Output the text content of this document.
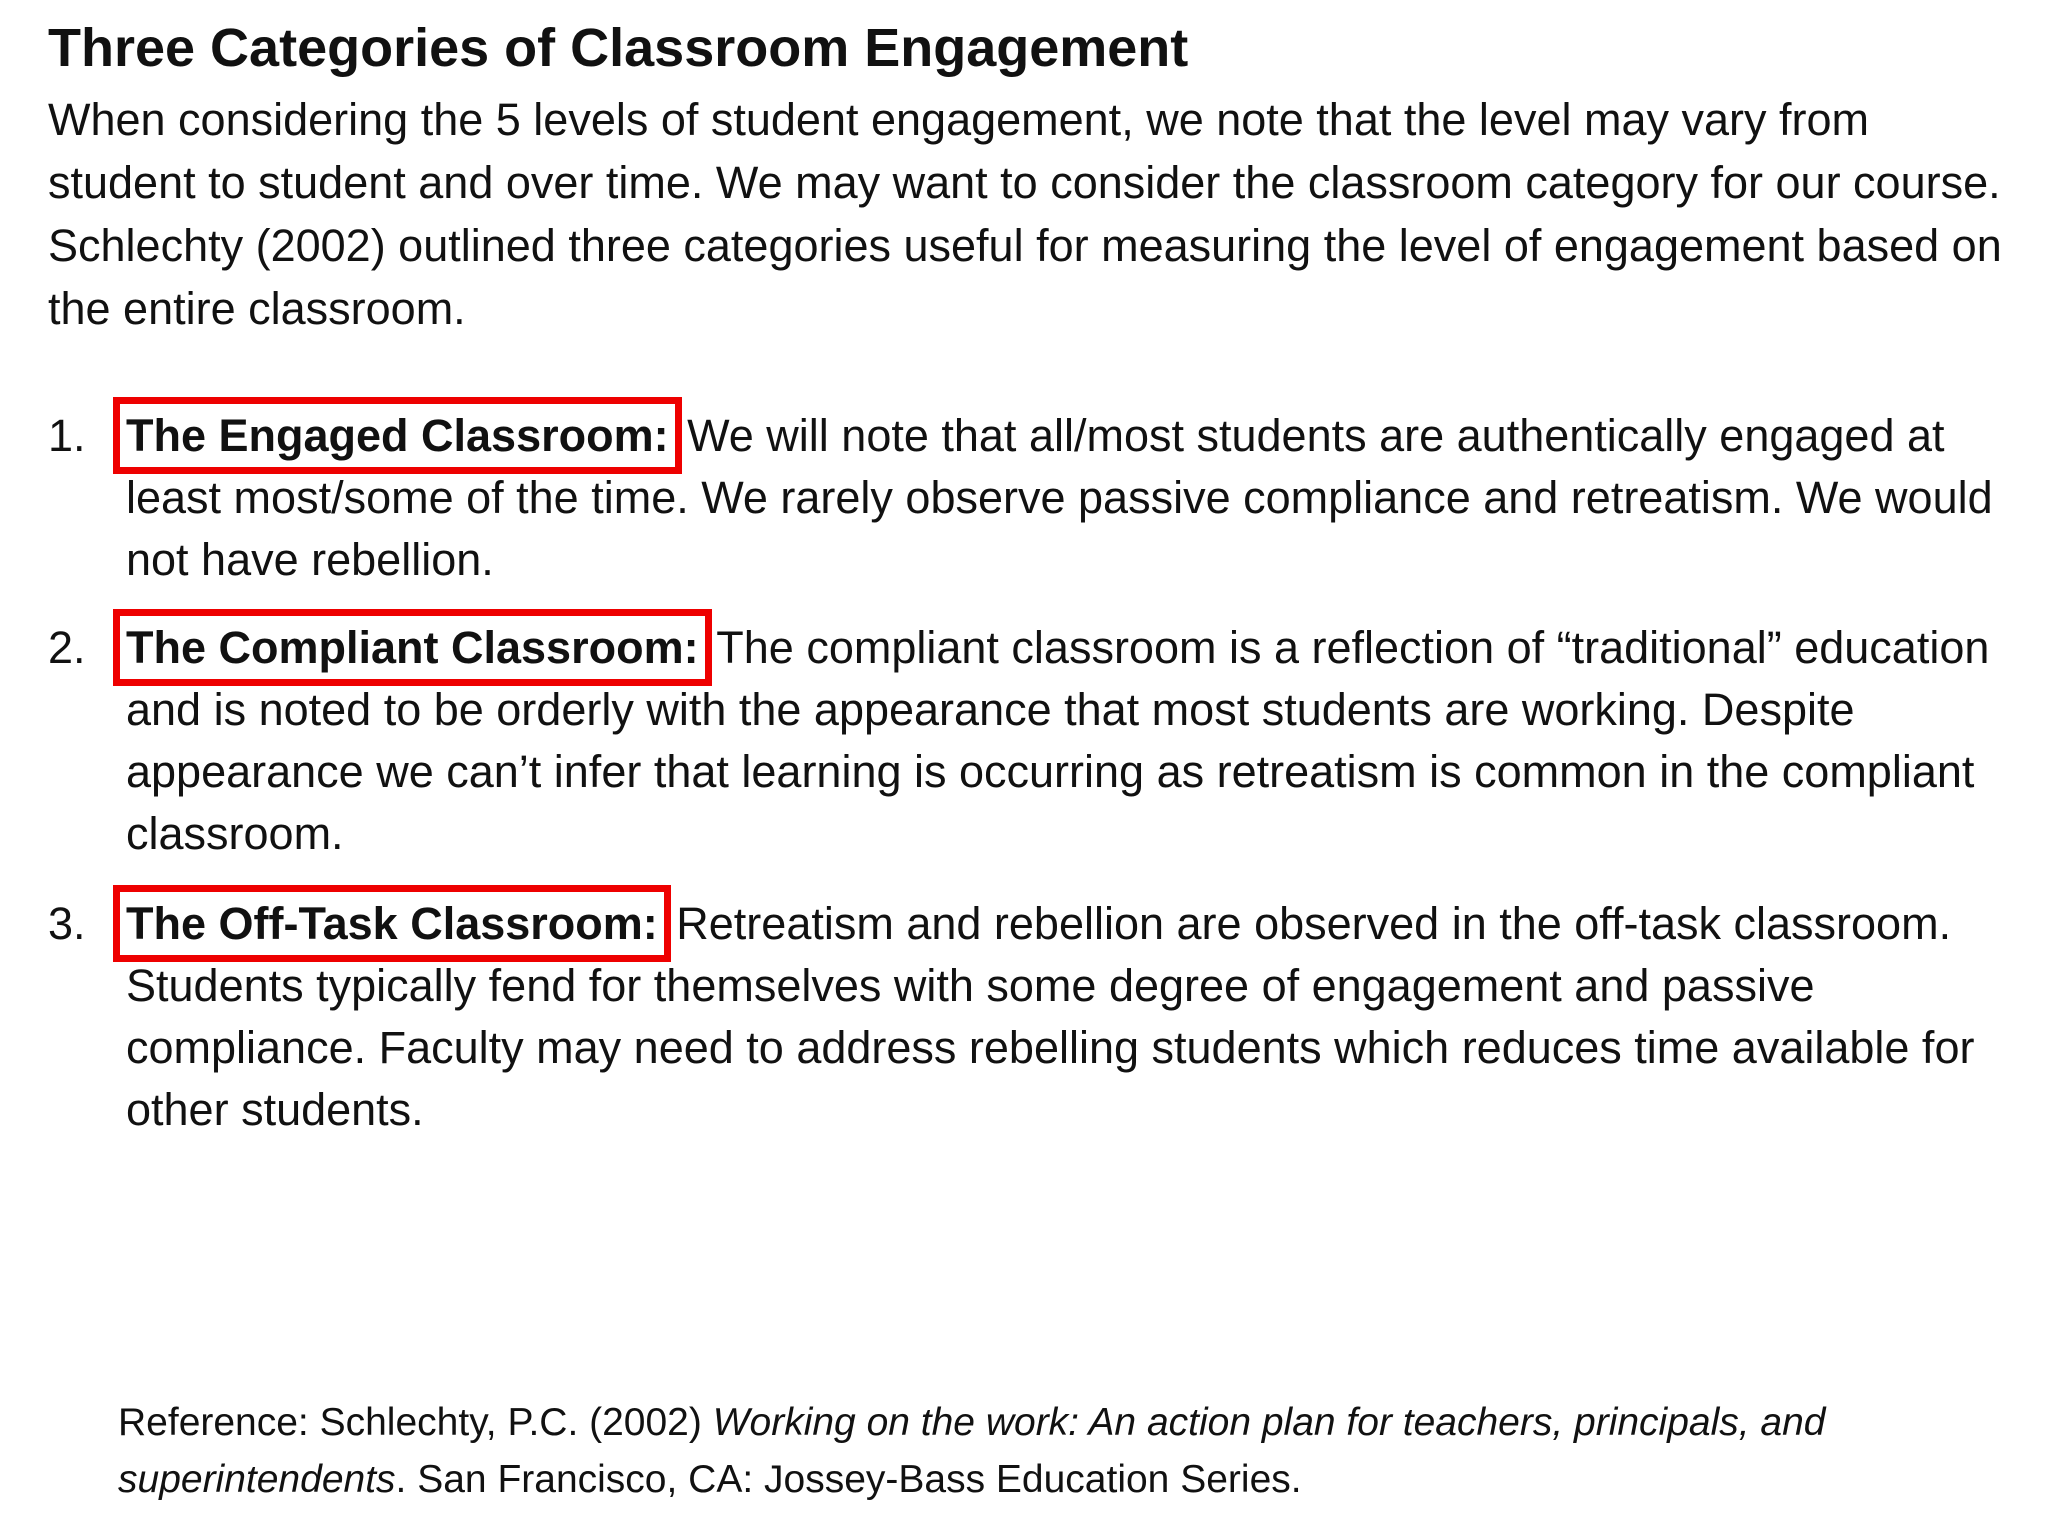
Three Categories of Classroom Engagement

When considering the 5 levels of student engagement, we note that the level may vary from student to student and over time. We may want to consider the classroom category for our course. Schlechty (2002) outlined three categories useful for measuring the level of engagement based on the entire classroom.

1. The Engaged Classroom: We will note that all/most students are authentically engaged at least most/some of the time. We rarely observe passive compliance and retreatism. We would not have rebellion.
2. The Compliant Classroom: The compliant classroom is a reflection of “traditional” education and is noted to be orderly with the appearance that most students are working. Despite appearance we can’t infer that learning is occurring as retreatism is common in the compliant classroom.
3. The Off-Task Classroom: Retreatism and rebellion are observed in the off-task classroom. Students typically fend for themselves with some degree of engagement and passive compliance. Faculty may need to address rebelling students which reduces time available for other students.

Reference: Schlechty, P.C. (2002) Working on the work: An action plan for teachers, principals, and superintendents. San Francisco, CA: Jossey-Bass Education Series.
